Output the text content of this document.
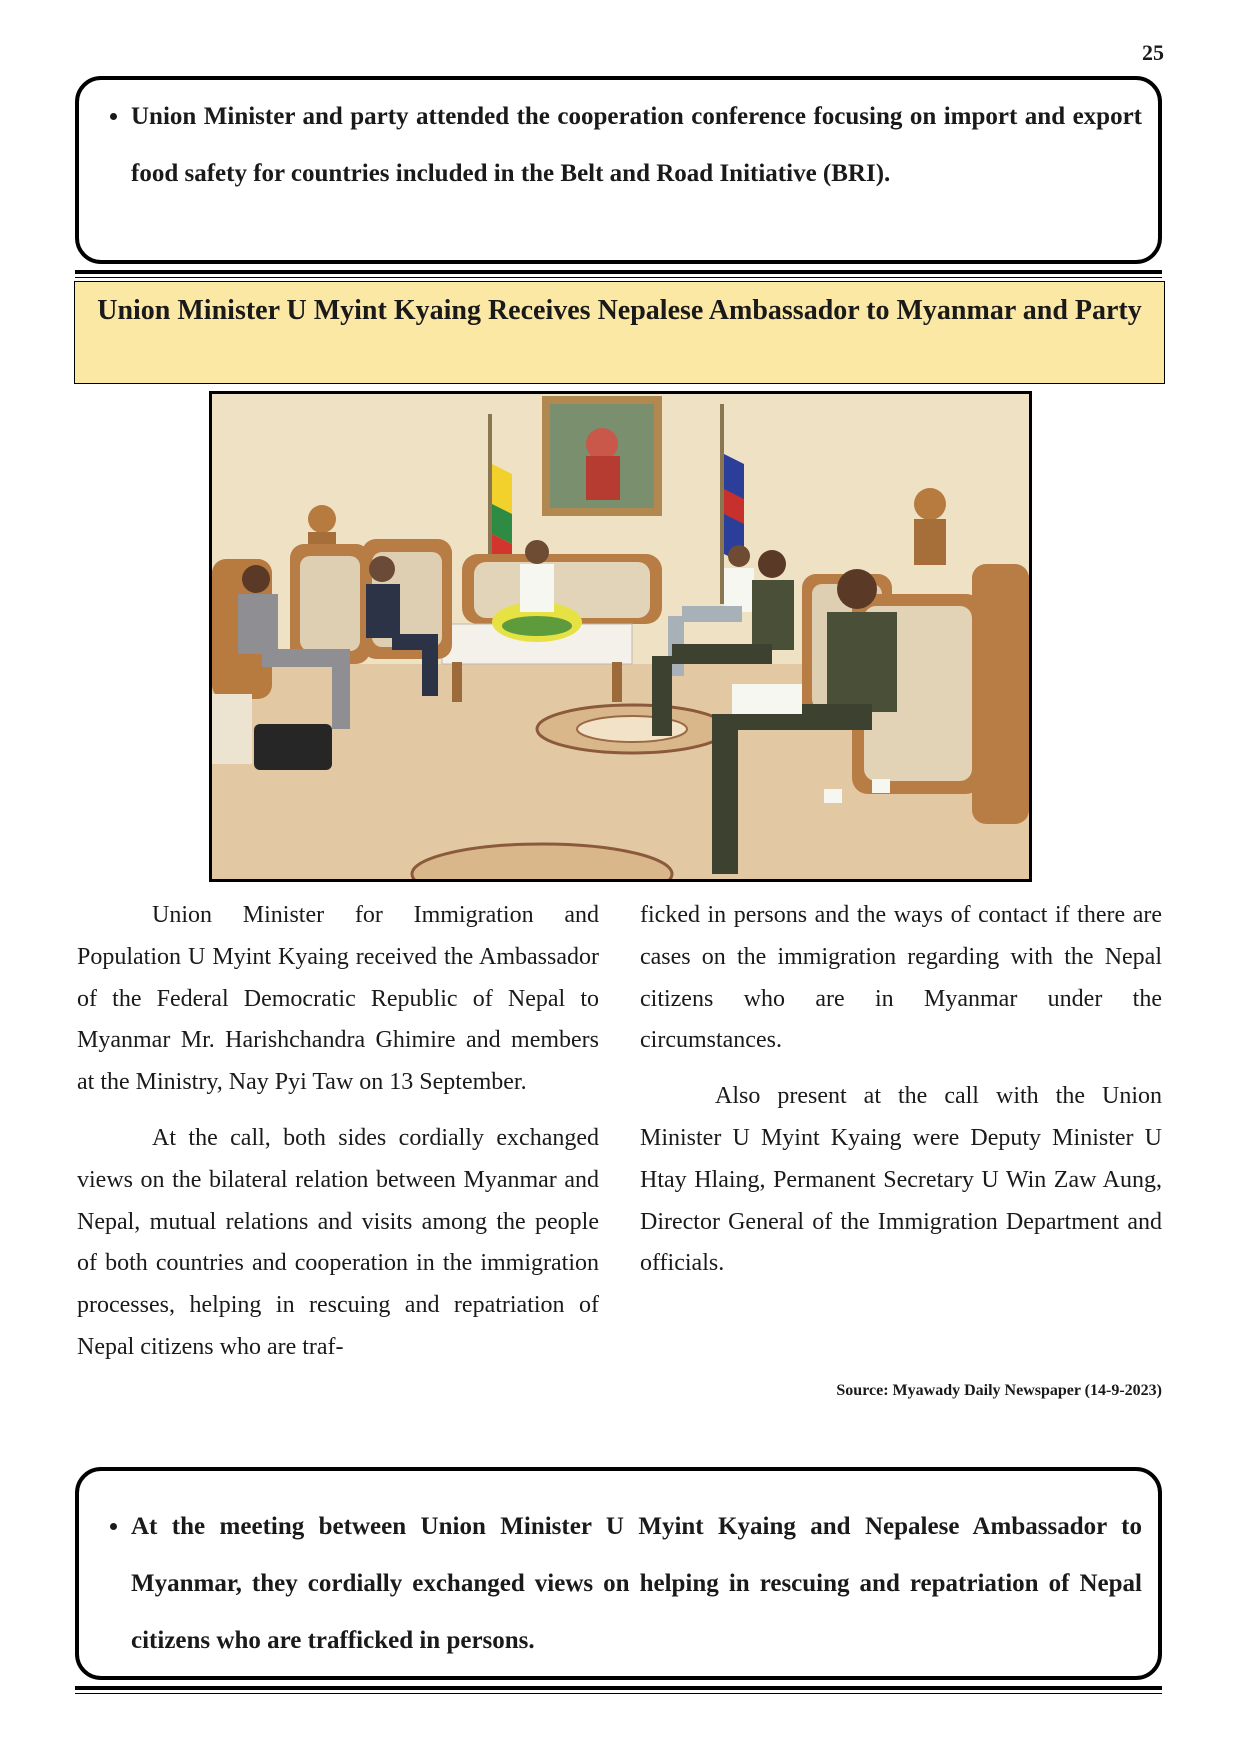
25
• Union Minister and party attended the cooperation conference focusing on import and export food safety for countries included in the Belt and Road Initiative (BRI).
Union Minister U Myint Kyaing Receives Nepalese Ambassador to Myanmar and Party

Union Minister for Immigration and Population U Myint Kyaing received the Ambassador of the Federal Democratic Republic of Nepal to Myanmar Mr. Harishchandra Ghimire and members at the Ministry, Nay Pyi Taw on 13 September.

At the call, both sides cordially exchanged views on the bilateral relation between Myanmar and Nepal, mutual relations and visits among the people of both countries and cooperation in the immigration processes, helping in rescuing and repatriation of Nepal citizens who are traf-

ficked in persons and the ways of contact if there are cases on the immigration regarding with the Nepal citizens who are in Myanmar under the circumstances.

Also present at the call with the Union Minister U Myint Kyaing were Deputy Minister U Htay Hlaing, Permanent Secretary U Win Zaw Aung, Director General of the Immigration Department and officials.

Source: Myawady Daily Newspaper (14-9-2023)
• At the meeting between Union Minister U Myint Kyaing and Nepalese Ambassador to Myanmar, they cordially exchanged views on helping in rescuing and repatriation of Nepal citizens who are trafficked in persons.
